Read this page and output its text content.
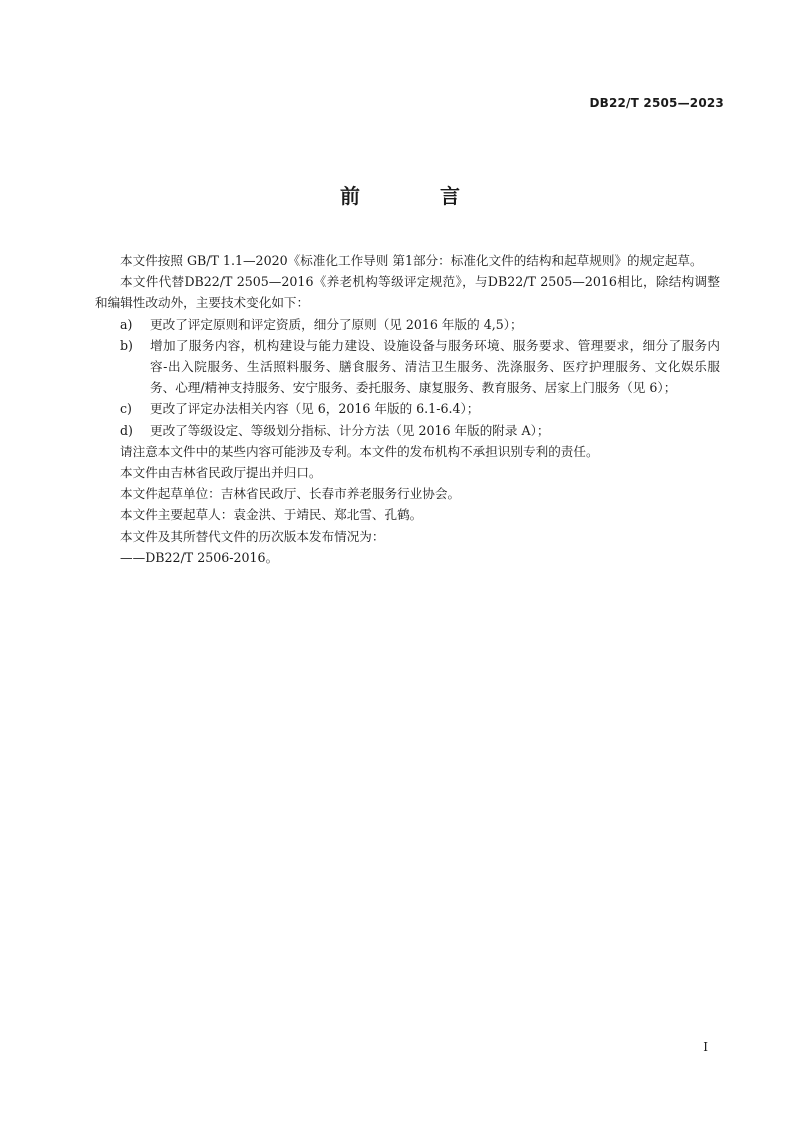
DB22/T 2505—2023
前　言

本文件按照 GB/T 1.1—2020《标准化工作导则 第1部分：标准化文件的结构和起草规则》的规定起草。

本文件代替DB22/T 2505—2016《养老机构等级评定规范》，与DB22/T 2505—2016相比，除结构调整和编辑性改动外，主要技术变化如下：

a)	更改了评定原则和评定资质，细分了原则（见 2016 年版的 4,5）；
b)	增加了服务内容，机构建设与能力建设、设施设备与服务环境、服务要求、管理要求，细分了服务内容-出入院服务、生活照料服务、膳食服务、清洁卫生服务、洗涤服务、医疗护理服务、文化娱乐服务、心理/精神支持服务、安宁服务、委托服务、康复服务、教育服务、居家上门服务（见 6）；
c)	更改了评定办法相关内容（见 6，2016 年版的 6.1-6.4）；
d)	更改了等级设定、等级划分指标、计分方法（见 2016 年版的附录 A）；

请注意本文件中的某些内容可能涉及专利。本文件的发布机构不承担识别专利的责任。

本文件由吉林省民政厅提出并归口。

本文件起草单位：吉林省民政厅、长春市养老服务行业协会。

本文件主要起草人：袁金洪、于靖民、郑北雪、孔鹤。

本文件及其所替代文件的历次版本发布情况为：

——DB22/T 2506-2016。

I
